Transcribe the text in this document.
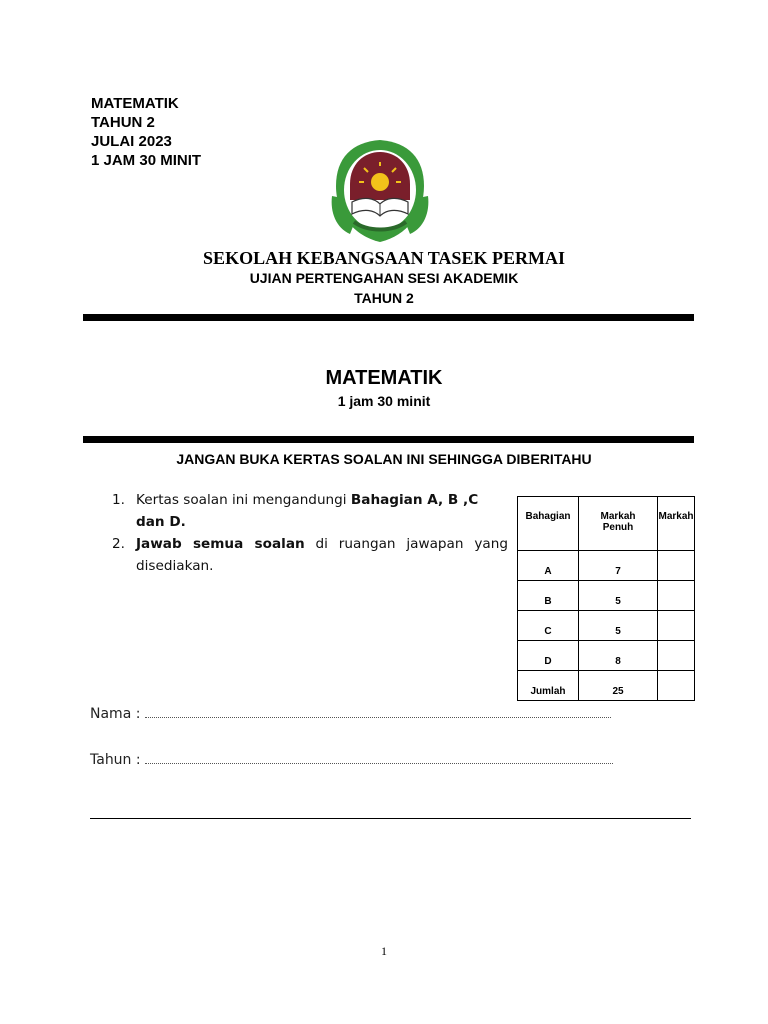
MATEMATIK
TAHUN 2
JULAI 2023
1 JAM 30 MINIT
SEKOLAH KEBANGSAAN TASEK PERMAI
UJIAN PERTENGAHAN SESI AKADEMIK
TAHUN 2
MATEMATIK
1 jam 30 minit
JANGAN BUKA KERTAS SOALAN INI SEHINGGA DIBERITAHU
1. Kertas soalan ini mengandungi Bahagian A, B ,C dan D.
2. Jawab semua soalan di ruangan jawapan yang disediakan.
Bahagian	Markah Penuh	Markah
A	7	
B	5	
C	5	
D	8	
Jumlah	25	
Nama :
Tahun :
1
